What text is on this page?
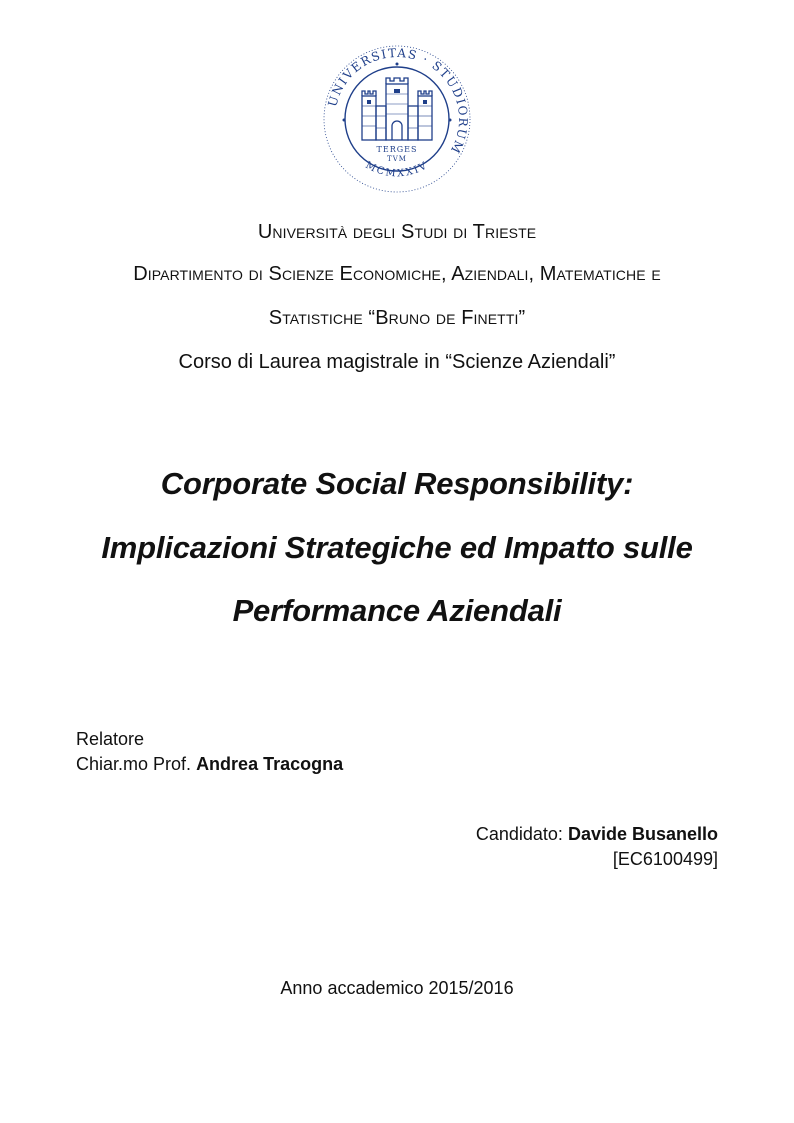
UNIVERSITAS · STUDIORUM
MCMXXIV
TERGES
TVM
Università degli Studi di Trieste
Dipartimento di Scienze Economiche, Aziendali, Matematiche e
Statistiche “Bruno de Finetti”
Corso di Laurea magistrale in “Scienze Aziendali”
Corporate Social Responsibility:
Implicazioni Strategiche ed Impatto sulle
Performance Aziendali
Relatore
Chiar.mo Prof. Andrea Tracogna
Candidato: Davide Busanello
[EC6100499]
Anno accademico 2015/2016
